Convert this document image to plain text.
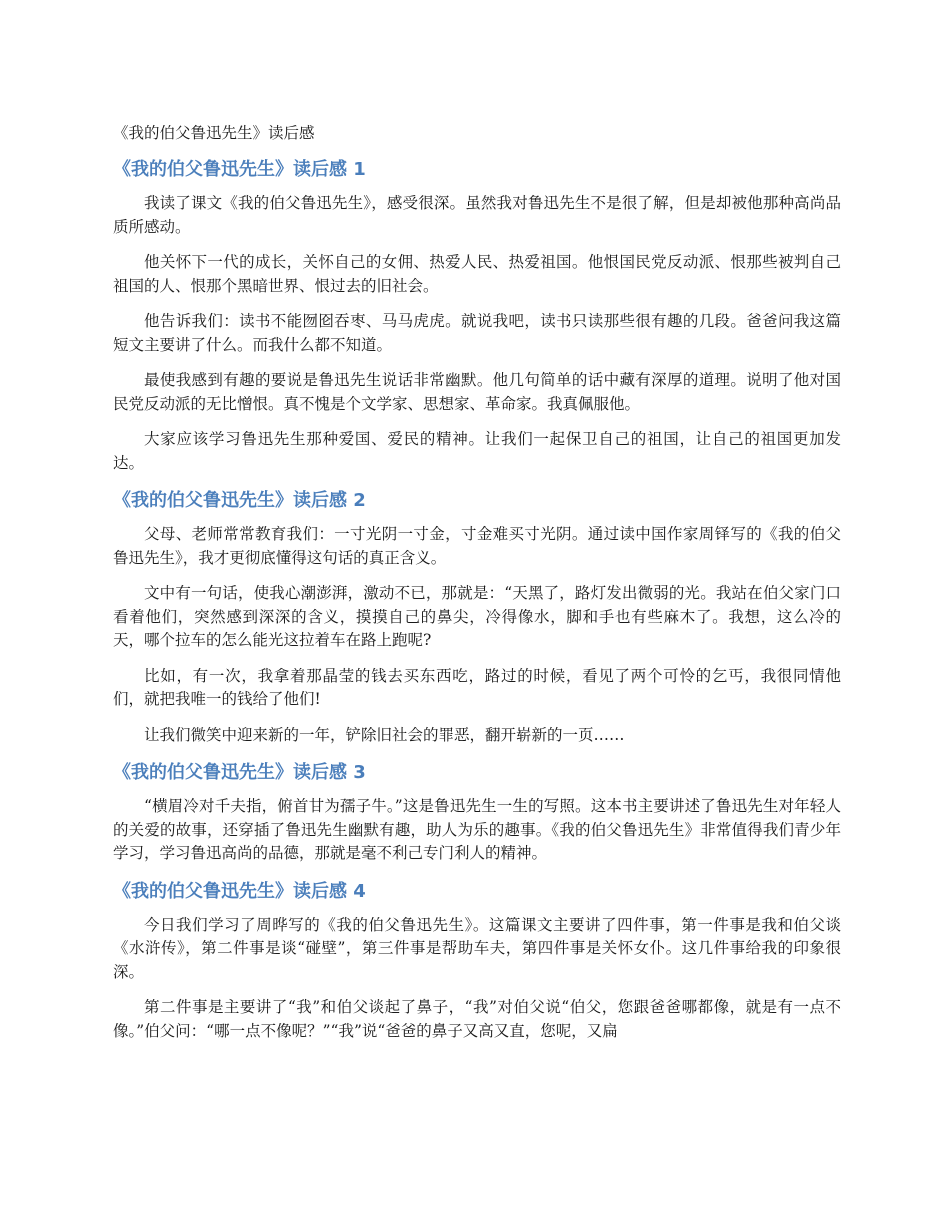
《我的伯父鲁迅先生》读后感
《我的伯父鲁迅先生》读后感 1

我读了课文《我的伯父鲁迅先生》，感受很深。虽然我对鲁迅先生不是很了解，但是却被他那种高尚品质所感动。

他关怀下一代的成长，关怀自己的女佣、热爱人民、热爱祖国。他恨国民党反动派、恨那些被判自己祖国的人、恨那个黑暗世界、恨过去的旧社会。

他告诉我们：读书不能囫囵吞枣、马马虎虎。就说我吧，读书只读那些很有趣的几段。爸爸问我这篇短文主要讲了什么。而我什么都不知道。

最使我感到有趣的要说是鲁迅先生说话非常幽默。他几句简单的话中藏有深厚的道理。说明了他对国民党反动派的无比憎恨。真不愧是个文学家、思想家、革命家。我真佩服他。

大家应该学习鲁迅先生那种爱国、爱民的精神。让我们一起保卫自己的祖国，让自己的祖国更加发达。

《我的伯父鲁迅先生》读后感 2

父母、老师常常教育我们：一寸光阴一寸金，寸金难买寸光阴。通过读中国作家周铎写的《我的伯父鲁迅先生》，我才更彻底懂得这句话的真正含义。

文中有一句话，使我心潮澎湃，激动不已，那就是：“天黑了，路灯发出微弱的光。我站在伯父家门口看着他们，突然感到深深的含义，摸摸自己的鼻尖，冷得像水，脚和手也有些麻木了。我想，这么冷的天，哪个拉车的怎么能光这拉着车在路上跑呢?

比如，有一次，我拿着那晶莹的钱去买东西吃，路过的时候，看见了两个可怜的乞丐，我很同情他们，就把我唯一的钱给了他们!

让我们微笑中迎来新的一年，铲除旧社会的罪恶，翻开崭新的一页……

《我的伯父鲁迅先生》读后感 3

“横眉冷对千夫指，俯首甘为孺子牛。”这是鲁迅先生一生的写照。这本书主要讲述了鲁迅先生对年轻人的关爱的故事，还穿插了鲁迅先生幽默有趣，助人为乐的趣事。《我的伯父鲁迅先生》非常值得我们青少年学习，学习鲁迅高尚的品德，那就是毫不利己专门利人的精神。

《我的伯父鲁迅先生》读后感 4

今日我们学习了周晔写的《我的伯父鲁迅先生》。这篇课文主要讲了四件事，第一件事是我和伯父谈《水浒传》，第二件事是谈“碰壁”，第三件事是帮助车夫，第四件事是关怀女仆。这几件事给我的印象很深。

第二件事是主要讲了“我”和伯父谈起了鼻子，“我”对伯父说“伯父，您跟爸爸哪都像，就是有一点不像。”伯父问：“哪一点不像呢？”“我”说“爸爸的鼻子又高又直，您呢，又扁
